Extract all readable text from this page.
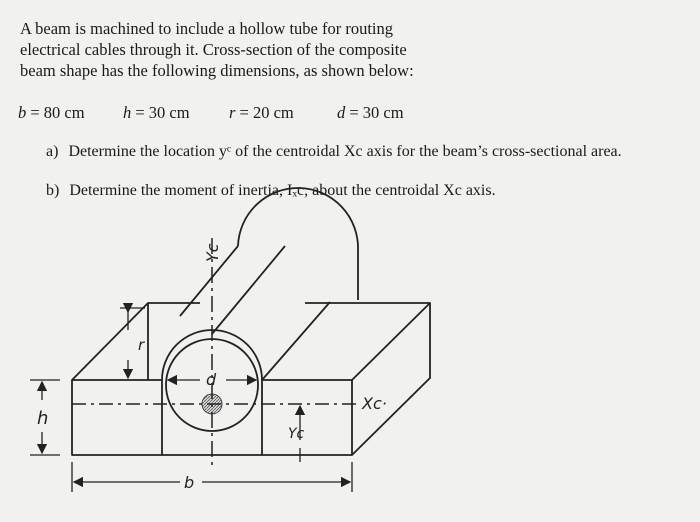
A beam is machined to include a hollow tube for routing
electrical cables through it. Cross-section of the composite
beam shape has the following dimensions, as shown below:
b = 80 cm	h = 30 cm	r = 20 cm	d = 30 cm
a) Determine the location yᶜ of the centroidal Xc axis for the beam’s cross-sectional area.
b) Determine the moment of inertia, Iₓc, about the centroidal Xc axis.
h
r
d
b
Yc
Xc·
Yc
